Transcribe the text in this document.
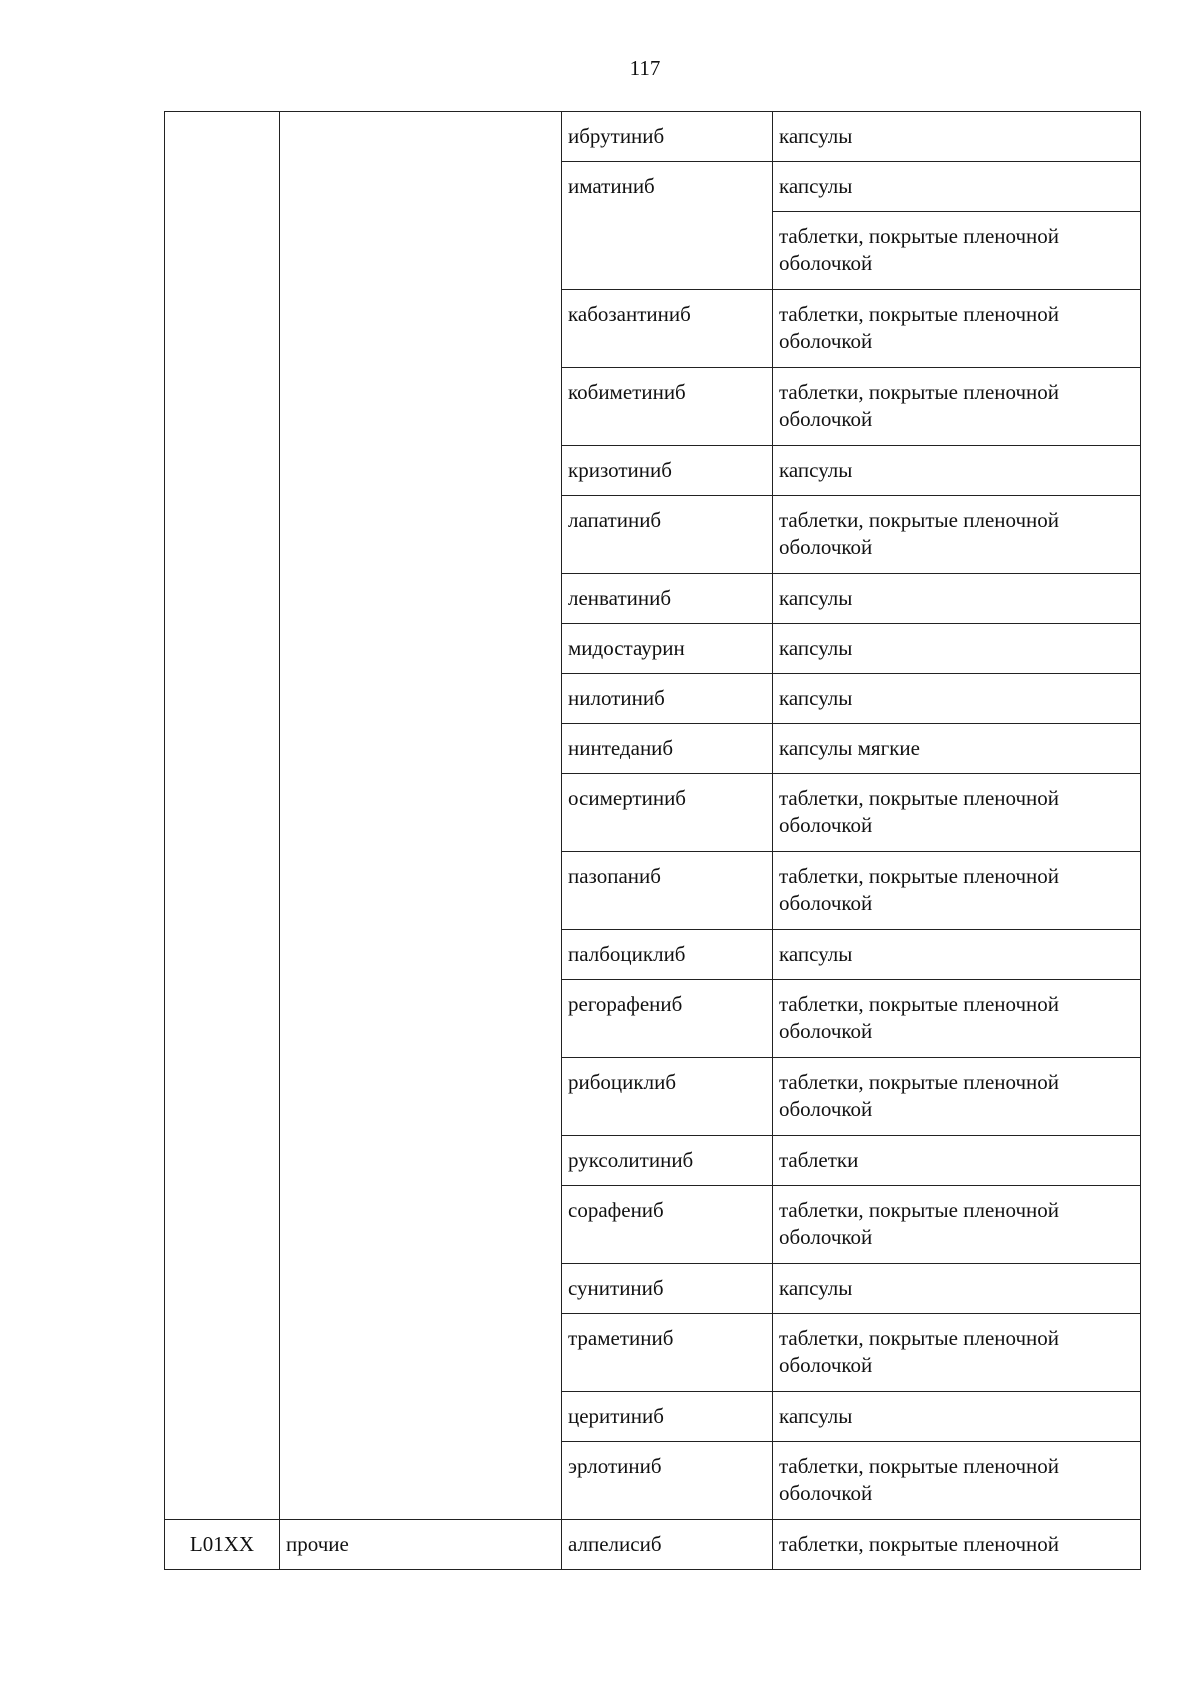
117
		ибрутиниб	капсулы
		иматиниб	капсулы
			таблетки, покрытые пленочной оболочкой
		кабозантиниб	таблетки, покрытые пленочной оболочкой
		кобиметиниб	таблетки, покрытые пленочной оболочкой
		кризотиниб	капсулы
		лапатиниб	таблетки, покрытые пленочной оболочкой
		ленватиниб	капсулы
		мидостаурин	капсулы
		нилотиниб	капсулы
		нинтеданиб	капсулы мягкие
		осимертиниб	таблетки, покрытые пленочной оболочкой
		пазопаниб	таблетки, покрытые пленочной оболочкой
		палбоциклиб	капсулы
		регорафениб	таблетки, покрытые пленочной оболочкой
		рибоциклиб	таблетки, покрытые пленочной оболочкой
		руксолитиниб	таблетки
		сорафениб	таблетки, покрытые пленочной оболочкой
		сунитиниб	капсулы
		траметиниб	таблетки, покрытые пленочной оболочкой
		церитиниб	капсулы
		эрлотиниб	таблетки, покрытые пленочной оболочкой
L01XX	прочие	алпелисиб	таблетки, покрытые пленочной
